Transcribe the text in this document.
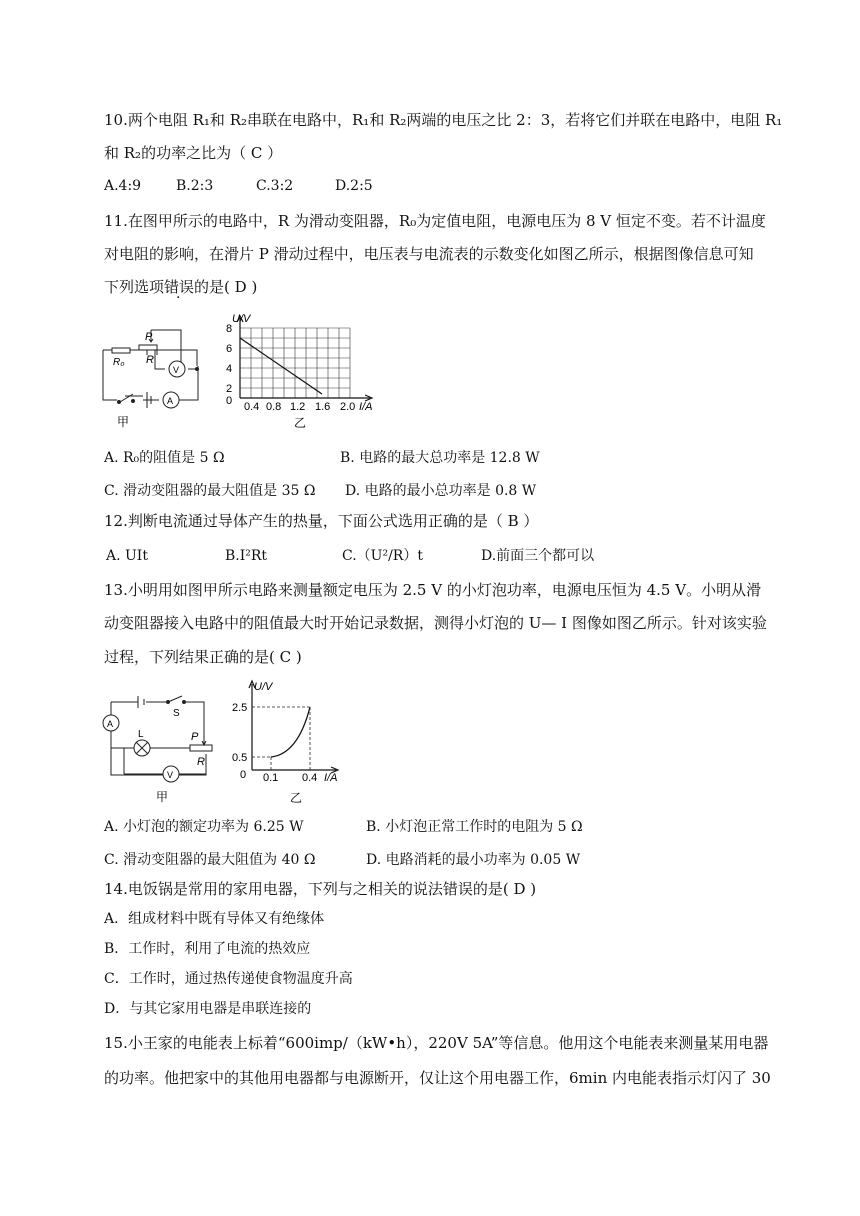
10.两个电阻 R₁和 R₂串联在电路中，R₁和 R₂两端的电压之比 2：3，若将它们并联在电路中，电阻 R₁
和 R₂的功率之比为（ C ）
A.4:9 B.2:3	C.3:2	D.2:5
11.在图甲所示的电路中，R 为滑动变阻器，R₀为定值电阻，电源电压为 8 V 恒定不变。若不计温度
对电阻的影响，在滑片 P 滑动过程中，电压表与电流表的示数变化如图乙所示，根据图像信息可知
下列选项错误的是( D )
R₀ R
P
V
A
甲
U/V
8
6
4
2
0 0.4 0.8 1.2 1.6 2.0 I/A
乙
A. R₀的阻值是 5 Ω	B. 电路的最大总功率是 12.8 W
C. 滑动变阻器的最大阻值是 35 Ω D. 电路的最小总功率是 0.8 W
12.判断电流通过导体产生的热量，下面公式选用正确的是（ B ）
A. UIt	B.I²Rt	C.（U²/R）t	D.前面三个都可以
13.小明用如图甲所示电路来测量额定电压为 2.5 V 的小灯泡功率，电源电压恒为 4.5 V。小明从滑
动变阻器接入电路中的阻值最大时开始记录数据，测得小灯泡的 U— I 图像如图乙所示。针对该实验
过程，下列结果正确的是( C )
A
L
S
P
R
V
甲
U/V
2.5
0.5
0 0.1 0.4 I/A
乙
A. 小灯泡的额定功率为 6.25 W	B. 小灯泡正常工作时的电阻为 5 Ω
C. 滑动变阻器的最大阻值为 40 Ω	D. 电路消耗的最小功率为 0.05 W
14.电饭锅是常用的家用电器，下列与之相关的说法错误的是( D )
A．组成材料中既有导体又有绝缘体
B．工作时，利用了电流的热效应
C．工作时，通过热传递使食物温度升高
D．与其它家用电器是串联连接的
15.小王家的电能表上标着“600imp/（kW•h），220V 5A”等信息。他用这个电能表来测量某用电器
的功率。他把家中的其他用电器都与电源断开，仅让这个用电器工作，6min 内电能表指示灯闪了 30
